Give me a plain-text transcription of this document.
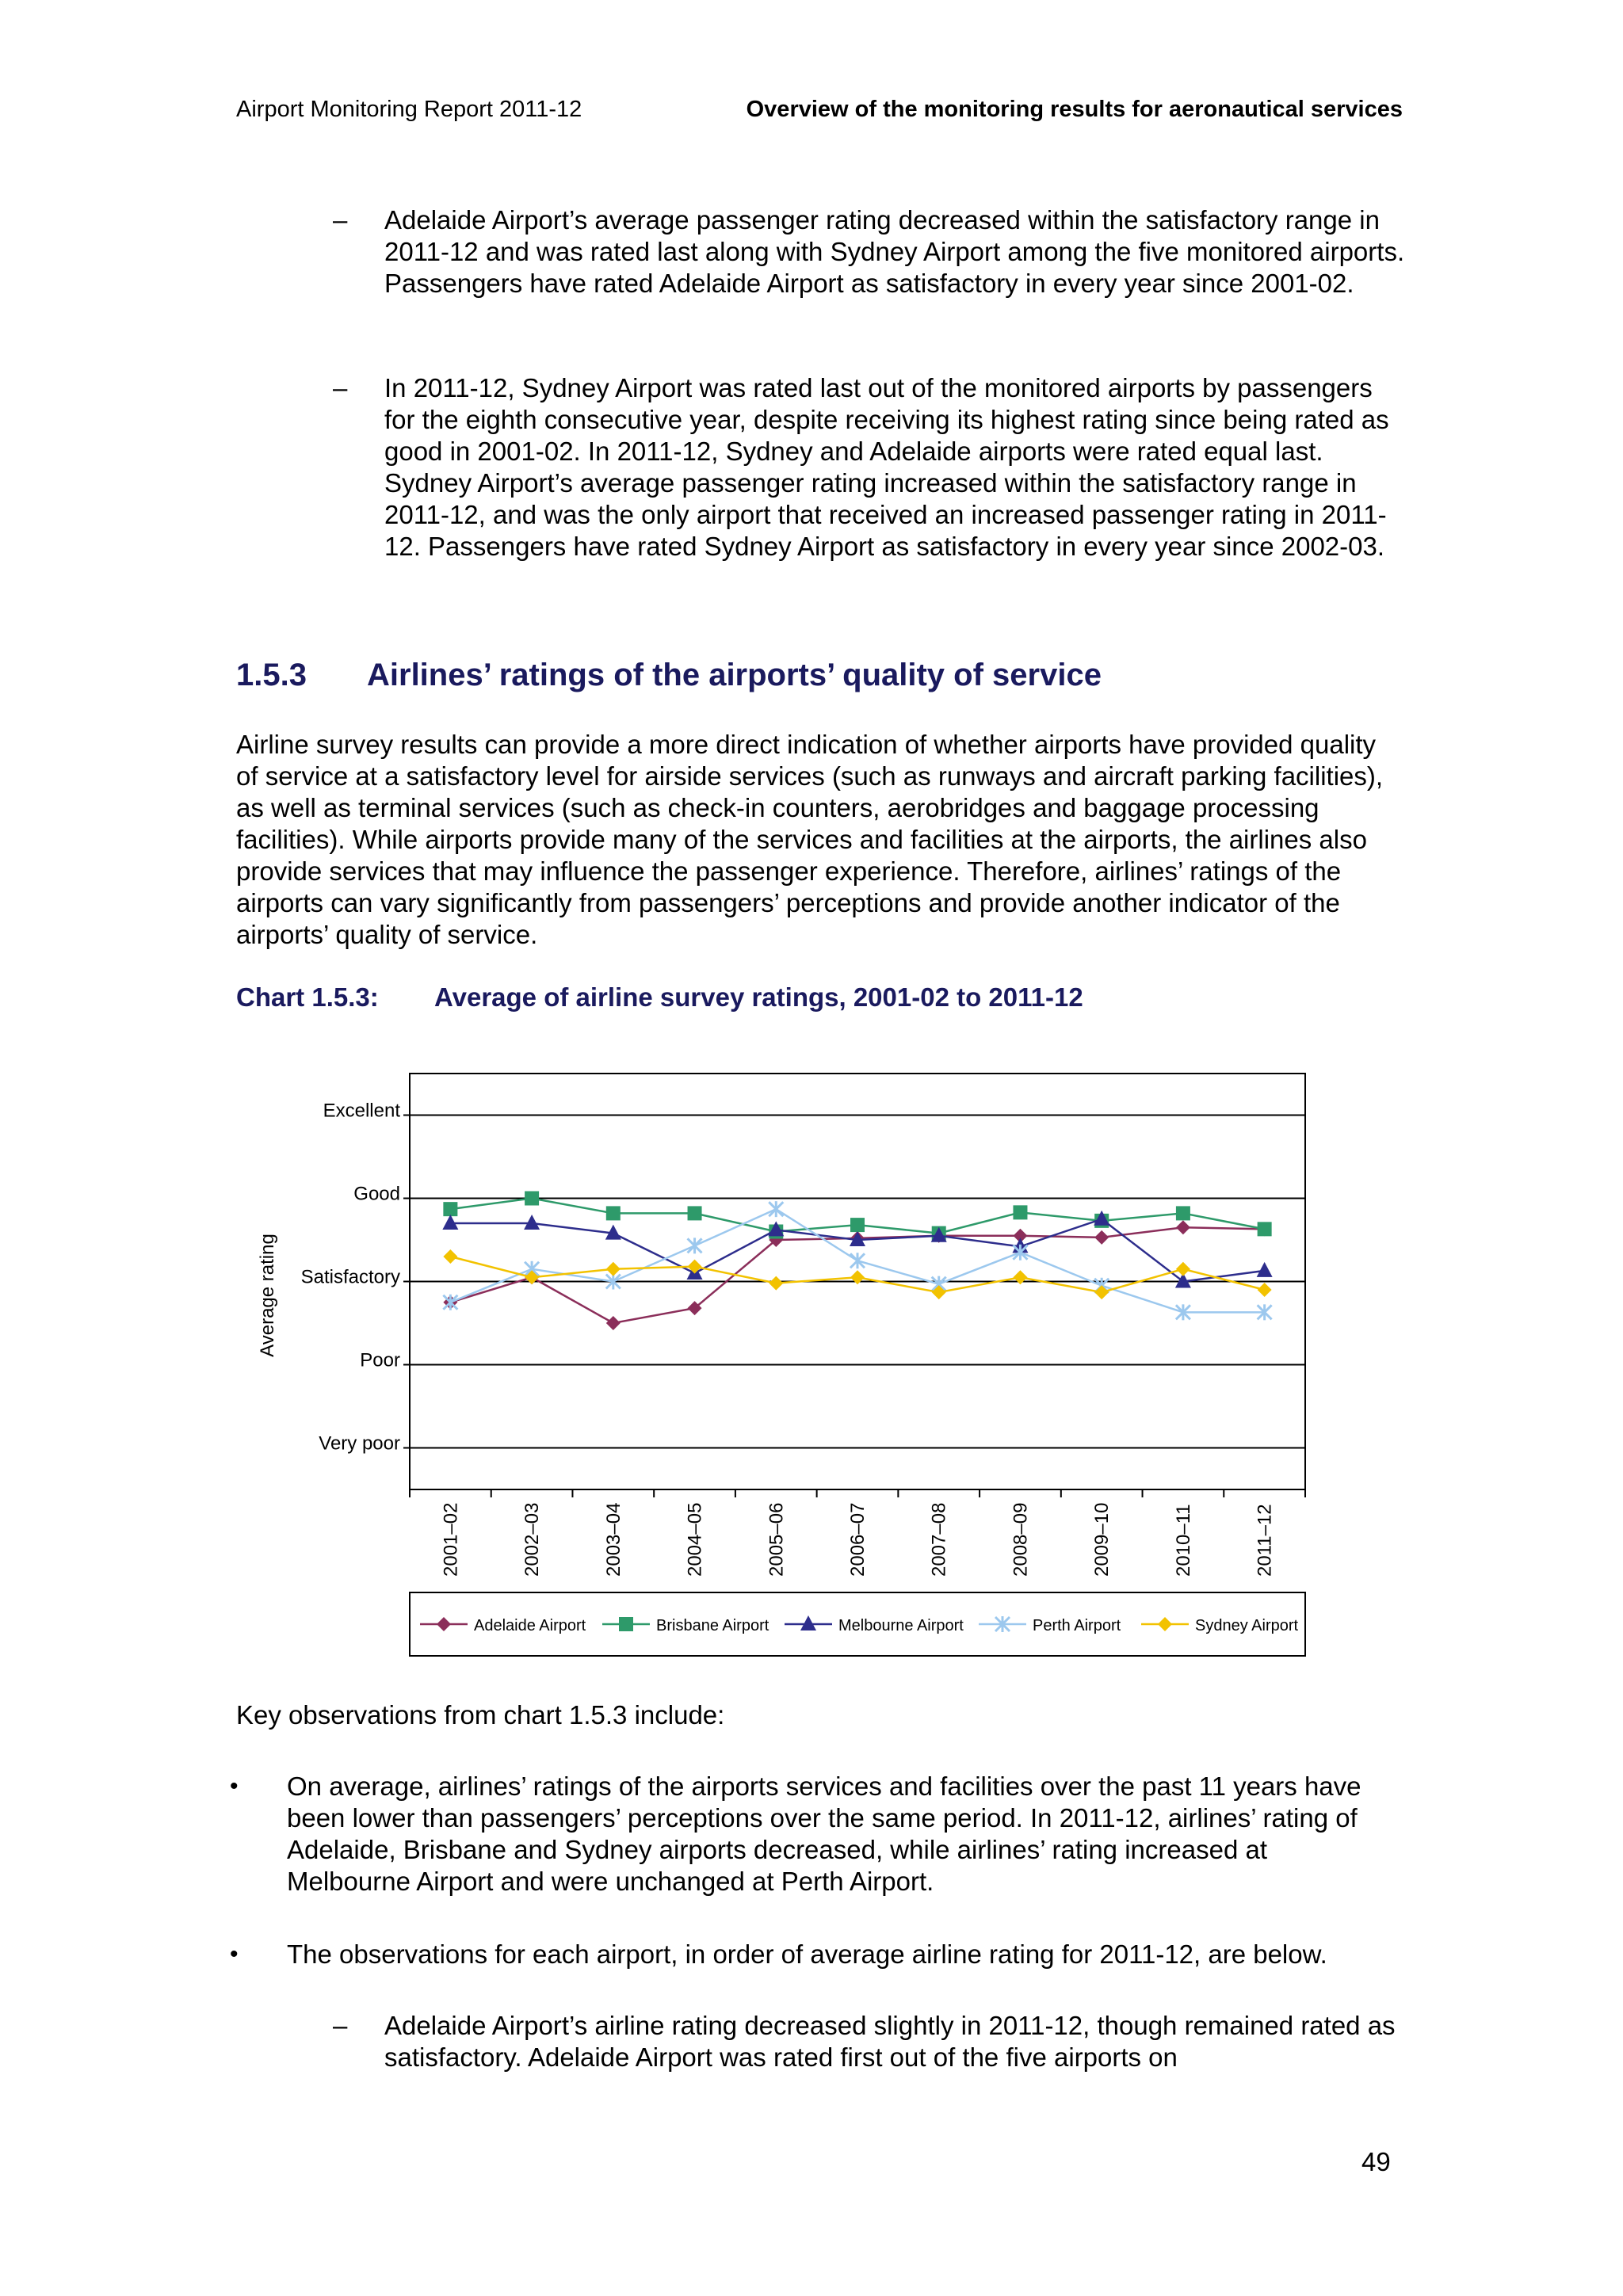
Airport Monitoring Report 2011-12	Overview of the monitoring results for aeronautical services
– Adelaide Airport’s average passenger rating decreased within the satisfactory range in 2011-12 and was rated last along with Sydney Airport among the five monitored airports. Passengers have rated Adelaide Airport as satisfactory in every year since 2001-02.

– In 2011-12, Sydney Airport was rated last out of the monitored airports by passengers for the eighth consecutive year, despite receiving its highest rating since being rated as good in 2001-02. In 2011-12, Sydney and Adelaide airports were rated equal last. Sydney Airport’s average passenger rating increased within the satisfactory range in 2011-12, and was the only airport that received an increased passenger rating in 2011-12. Passengers have rated Sydney Airport as satisfactory in every year since 2002-03.

1.5.3 Airlines’ ratings of the airports’ quality of service

Airline survey results can provide a more direct indication of whether airports have provided quality of service at a satisfactory level for airside services (such as runways and aircraft parking facilities), as well as terminal services (such as check-in counters, aerobridges and baggage processing facilities). While airports provide many of the services and facilities at the airports, the airlines also provide services that may influence the passenger experience. Therefore, airlines’ ratings of the airports can vary significantly from passengers’ perceptions and provide another indicator of the airports’ quality of service.

Chart 1.5.3: Average of airline survey ratings, 2001-02 to 2011-12
Excellent
Good
Satisfactory
Poor
Very poor
2001–02	2002–03	2003–04	2004–05	2005–06	2006–07	2007–08	2008–09	2009–10	2010–11	2011–12
Average rating
Adelaide Airport	Brisbane Airport	Melbourne Airport	Perth Airport	Sydney Airport

Key observations from chart 1.5.3 include:

• On average, airlines’ ratings of the airports services and facilities over the past 11 years have been lower than passengers’ perceptions over the same period. In 2011-12, airlines’ rating of Adelaide, Brisbane and Sydney airports decreased, while airlines’ rating increased at Melbourne Airport and were unchanged at Perth Airport.

• The observations for each airport, in order of average airline rating for 2011-12, are below.

– Adelaide Airport’s airline rating decreased slightly in 2011-12, though remained rated as satisfactory. Adelaide Airport was rated first out of the five airports on

49
